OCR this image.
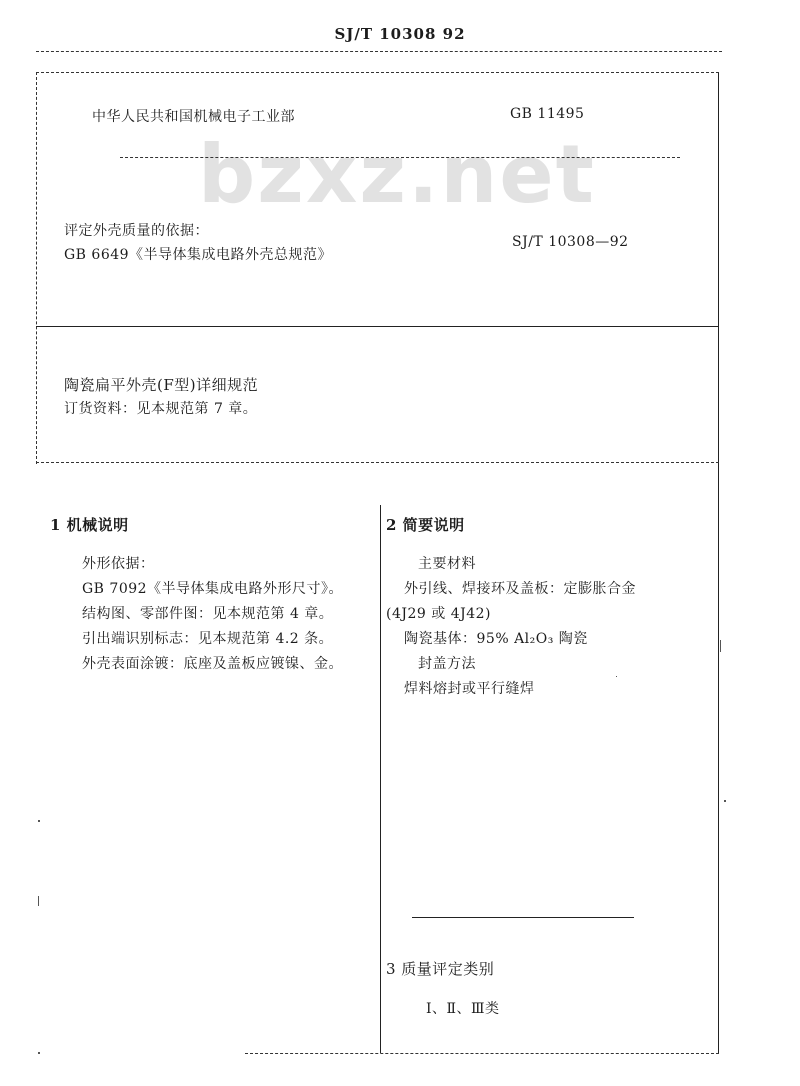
SJ/T 10308 92
bzxz.net
中华人民共和国机械电子工业部	GB 11495
评定外壳质量的依据：
GB 6649《半导体集成电路外壳总规范》
SJ/T 10308—92
陶瓷扁平外壳(F型)详细规范
订货资料：见本规范第 7 章。
1 机械说明
外形依据：
GB 7092《半导体集成电路外形尺寸》。
结构图、零部件图：见本规范第 4 章。
引出端识别标志：见本规范第 4.2 条。
外壳表面涂镀：底座及盖板应镀镍、金。
2 简要说明
主要材料
外引线、焊接环及盖板：定膨胀合金
(4J29 或 4J42)
陶瓷基体：95% Al₂O₃ 陶瓷
封盖方法
焊料熔封或平行缝焊
3 质量评定类别
Ⅰ、Ⅱ、Ⅲ类
